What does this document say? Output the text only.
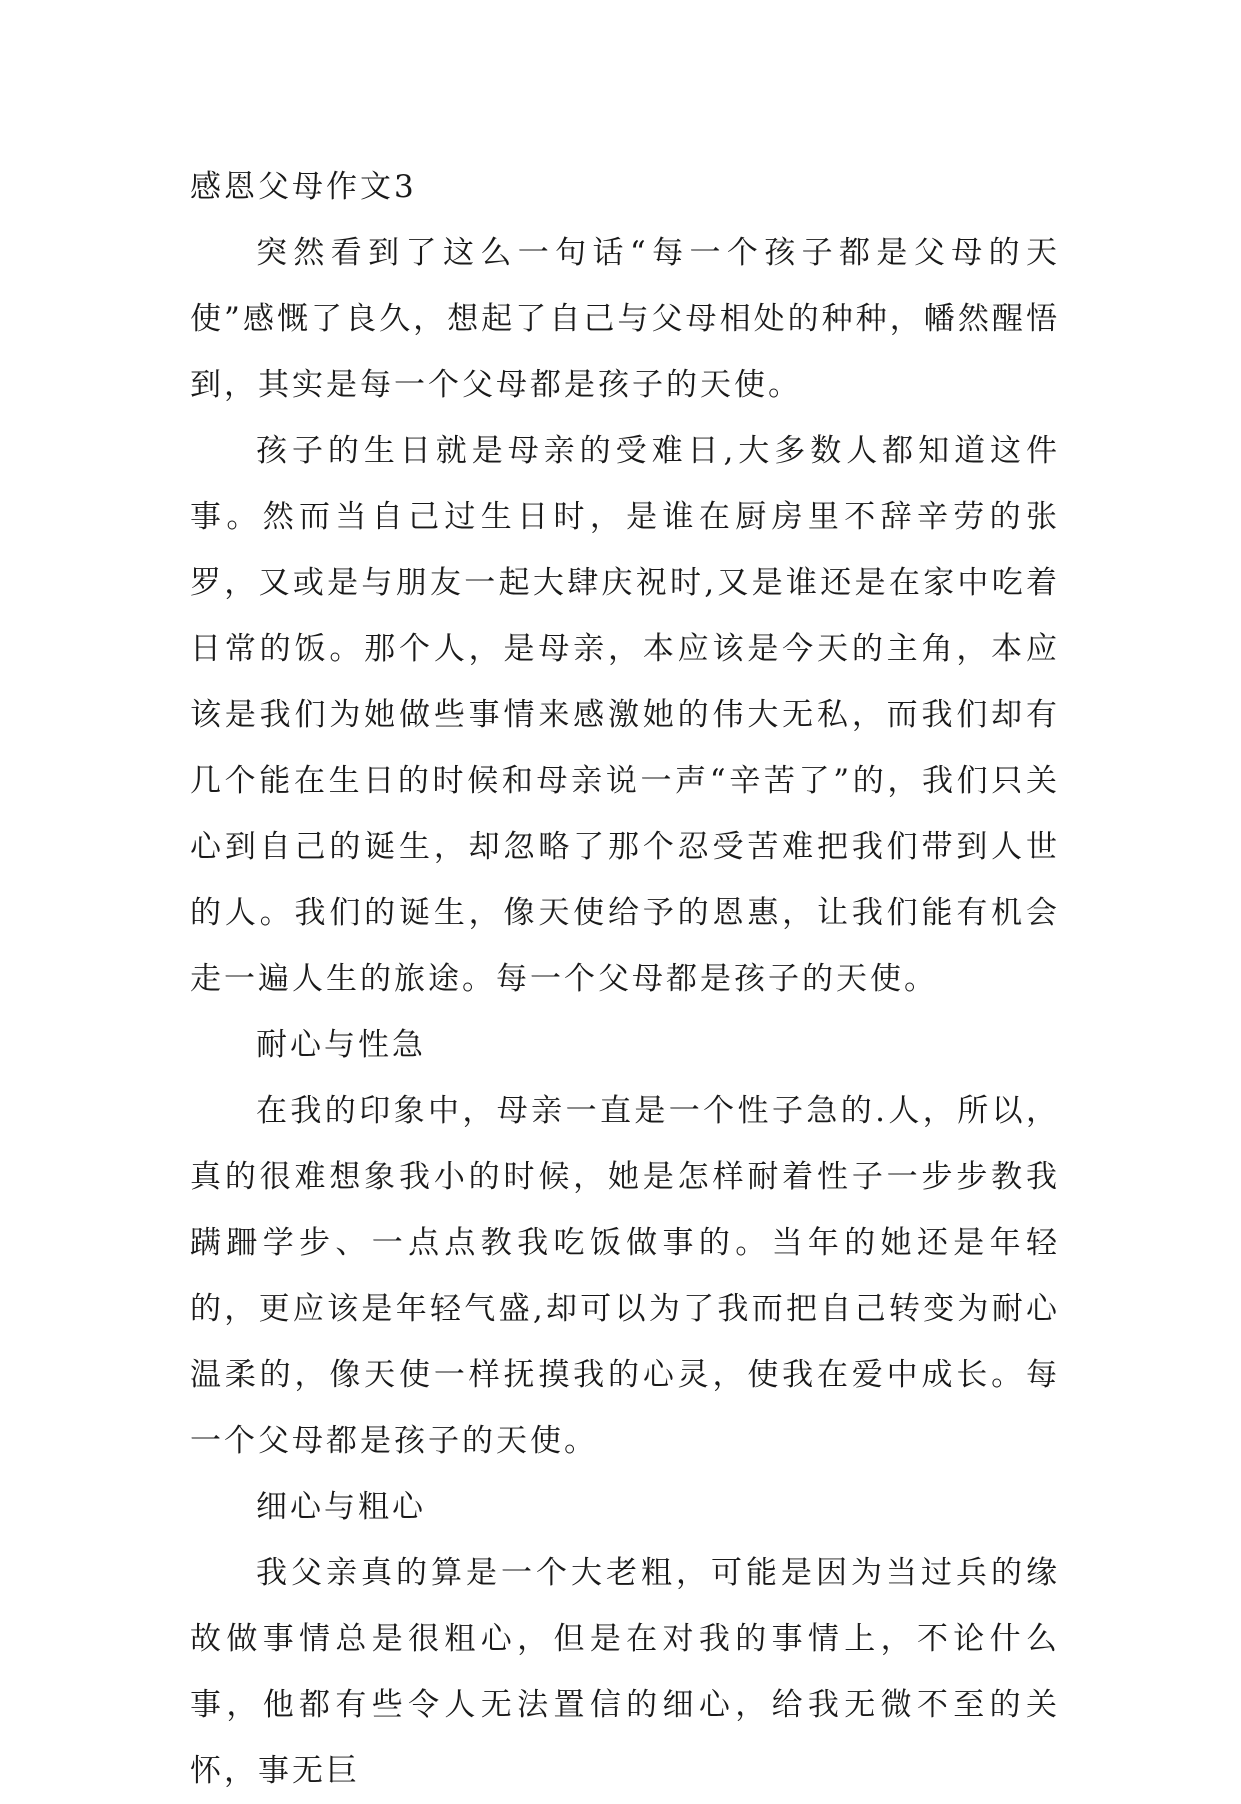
感恩父母作文3

突然看到了这么一句话“每一个孩子都是父母的天使”感慨了良久，想起了自己与父母相处的种种，幡然醒悟到，其实是每一个父母都是孩子的天使。

孩子的生日就是母亲的受难日,大多数人都知道这件事。然而当自己过生日时，是谁在厨房里不辞辛劳的张罗，又或是与朋友一起大肆庆祝时,又是谁还是在家中吃着日常的饭。那个人，是母亲，本应该是今天的主角，本应该是我们为她做些事情来感激她的伟大无私，而我们却有几个能在生日的时候和母亲说一声“辛苦了”的，我们只关心到自己的诞生，却忽略了那个忍受苦难把我们带到人世的人。我们的诞生，像天使给予的恩惠，让我们能有机会走一遍人生的旅途。每一个父母都是孩子的天使。

耐心与性急

在我的印象中，母亲一直是一个性子急的.人，所以，真的很难想象我小的时候，她是怎样耐着性子一步步教我蹒跚学步、一点点教我吃饭做事的。当年的她还是年轻的，更应该是年轻气盛,却可以为了我而把自己转变为耐心温柔的，像天使一样抚摸我的心灵，使我在爱中成长。每一个父母都是孩子的天使。

细心与粗心

我父亲真的算是一个大老粗，可能是因为当过兵的缘故做事情总是很粗心，但是在对我的事情上，不论什么事，他都有些令人无法置信的细心，给我无微不至的关怀，事无巨
